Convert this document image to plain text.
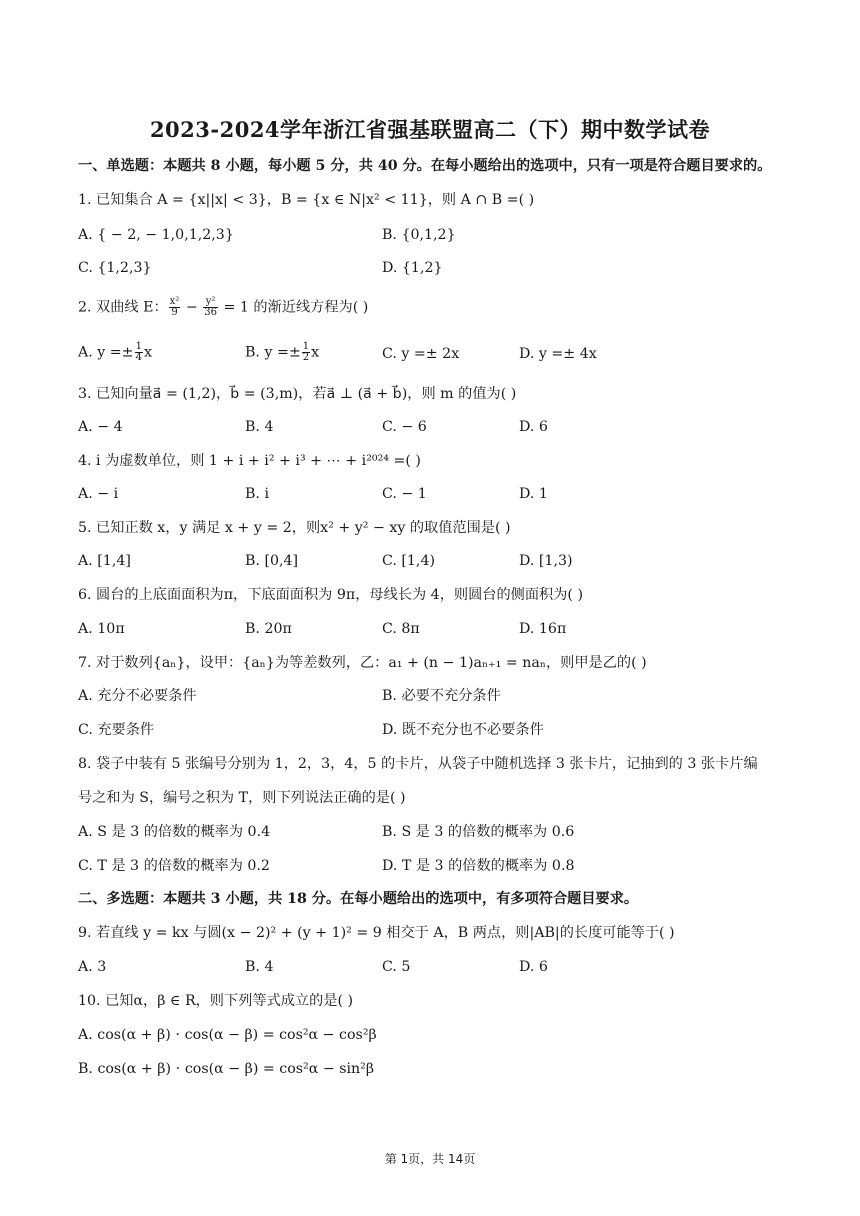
2023-2024学年浙江省强基联盟高二（下）期中数学试卷
一、单选题：本题共 8 小题，每小题 5 分，共 40 分。在每小题给出的选项中，只有一项是符合题目要求的。
1. 已知集合 A = {x||x| < 3}，B = {x ∈ N|x² < 11}，则 A ∩ B =( )
A. { − 2, − 1,0,1,2,3}	B. {0,1,2}
C. {1,2,3}	D. {1,2}
2. 双曲线 E： $\frac{\text{x²}}{9} - \frac{\text{y²}}{36} = 1$ 的渐近线方程为( )
A. $y =\pm \frac{1}{4}$ x	B. $y =\pm \frac{1}{2}$ x	C. y =± 2x	D. y =± 4x
3. 已知向量a⃗ = (1,2)，b⃗ = (3,m)，若a⃗ ⊥ (a⃗ + b⃗)，则 m 的值为( )
A. − 4	B. 4	C. − 6	D. 6
4. i 为虚数单位，则 1 + i + i² + i³ + ⋯ + i²⁰²⁴ =( )
A. − i	B. i	C. − 1	D. 1
5. 已知正数 x，y 满足 x + y = 2，则x² + y² − xy 的取值范围是( )
A. [1,4]	B. [0,4]	C. [1,4)	D. [1,3)
6. 圆台的上底面面积为π，下底面面积为 9π，母线长为 4，则圆台的侧面积为( )
A. 10π	B. 20π	C. 8π	D. 16π
7. 对于数列{aₙ}，设甲：{aₙ}为等差数列，乙：a₁ + (n − 1)aₙ₊₁ = naₙ，则甲是乙的( )
A. 充分不必要条件	B. 必要不充分条件
C. 充要条件	D. 既不充分也不必要条件
8. 袋子中装有 5 张编号分别为 1，2，3，4，5 的卡片，从袋子中随机选择 3 张卡片，记抽到的 3 张卡片编
号之和为 S，编号之积为 T，则下列说法正确的是( )
A. S 是 3 的倍数的概率为 0.4	B. S 是 3 的倍数的概率为 0.6
C. T 是 3 的倍数的概率为 0.2	D. T 是 3 的倍数的概率为 0.8
二、多选题：本题共 3 小题，共 18 分。在每小题给出的选项中，有多项符合题目要求。
9. 若直线 y = kx 与圆(x − 2)² + (y + 1)² = 9 相交于 A，B 两点，则|AB|的长度可能等于( )
A. 3	B. 4	C. 5	D. 6
10. 已知α，β ∈ R，则下列等式成立的是( )
A. cos(α + β) ⋅ cos(α − β) = cos²α − cos²β
B. cos(α + β) ⋅ cos(α − β) = cos²α − sin²β
第 1页，共 14页
